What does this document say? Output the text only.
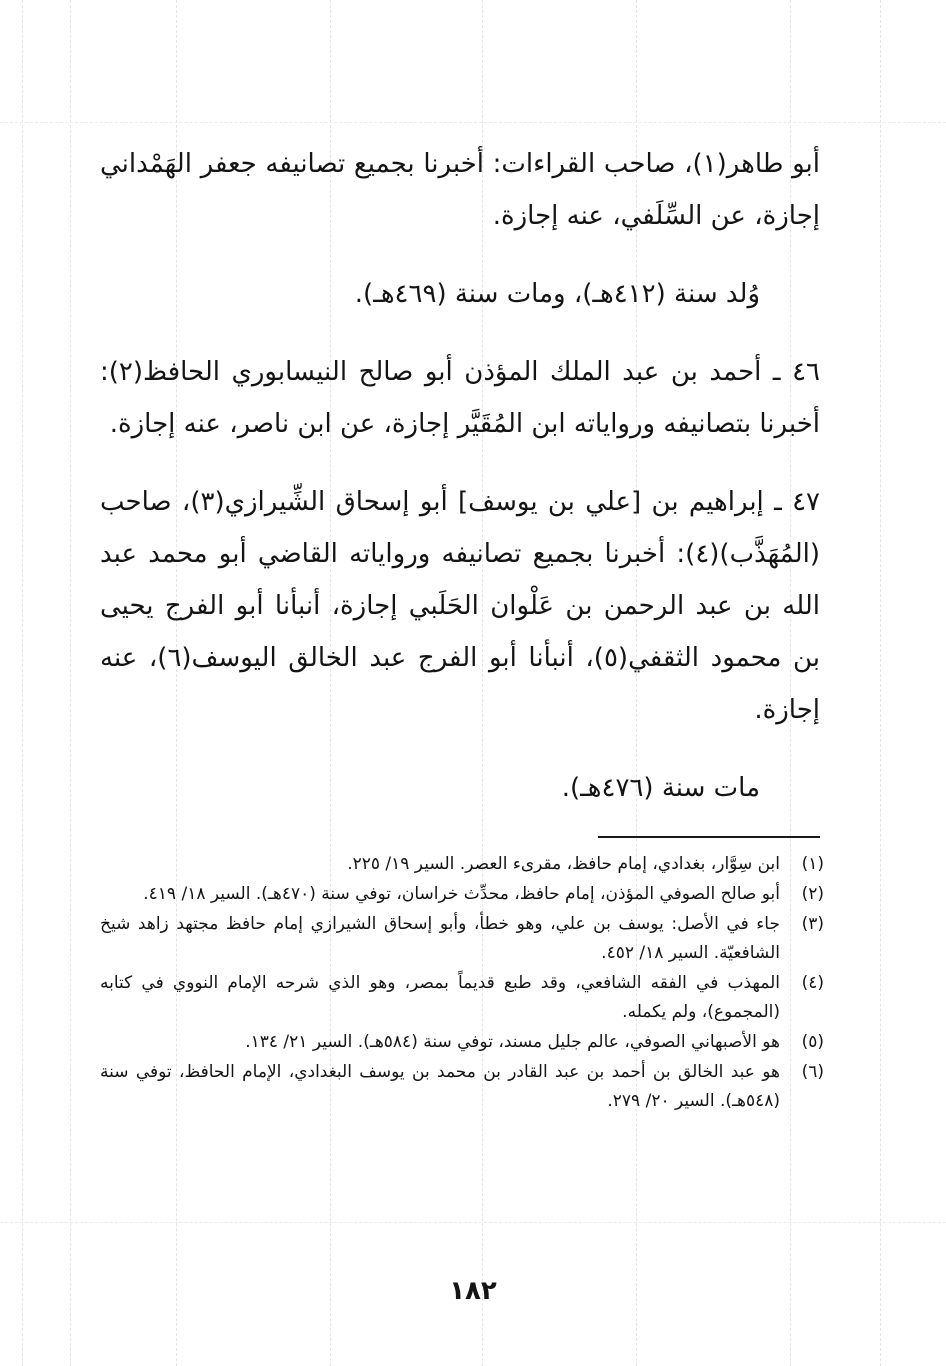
أبو طاهر(١)، صاحب القراءات: أخبرنا بجميع تصانيفه جعفر الهَمْداني إجازة، عن السِّلَفي، عنه إجازة.

وُلد سنة (٤١٢هـ)، ومات سنة (٤٦٩هـ).

٤٦ ـ أحمد بن عبد الملك المؤذن أبو صالح النيسابوري الحافظ(٢): أخبرنا بتصانيفه ورواياته ابن المُقَيَّر إجازة، عن ابن ناصر، عنه إجازة.

٤٧ ـ إبراهيم بن [علي بن يوسف] أبو إسحاق الشِّيرازي(٣)، صاحب (المُهَذَّب)(٤): أخبرنا بجميع تصانيفه ورواياته القاضي أبو محمد عبد الله بن عبد الرحمن بن عَلْوان الحَلَبي إجازة، أنبأنا أبو الفرج يحيى بن محمود الثقفي(٥)، أنبأنا أبو الفرج عبد الخالق اليوسف(٦)، عنه إجازة.

مات سنة (٤٧٦هـ).

(١)
ابن سِوَّار، بغدادي، إمام حافظ، مقرىء العصر. السير ١٩/ ٢٢٥.
(٢)
أبو صالح الصوفي المؤذن، إمام حافظ، محدِّث خراسان، توفي سنة (٤٧٠هـ). السير ١٨/ ٤١٩.
(٣)
جاء في الأصل: يوسف بن علي، وهو خطأ، وأبو إسحاق الشيرازي إمام حافظ مجتهد زاهد شيخ الشافعيّة. السير ١٨/ ٤٥٢.
(٤)
المهذب في الفقه الشافعي، وقد طبع قديماً بمصر، وهو الذي شرحه الإمام النووي في كتابه (المجموع)، ولم يكمله.
(٥)
هو الأصبهاني الصوفي، عالم جليل مسند، توفي سنة (٥٨٤هـ). السير ٢١/ ١٣٤.
(٦)
هو عبد الخالق بن أحمد بن عبد القادر بن محمد بن يوسف البغدادي، الإمام الحافظ، توفي سنة (٥٤٨هـ). السير ٢٠/ ٢٧٩.
١٨٢
